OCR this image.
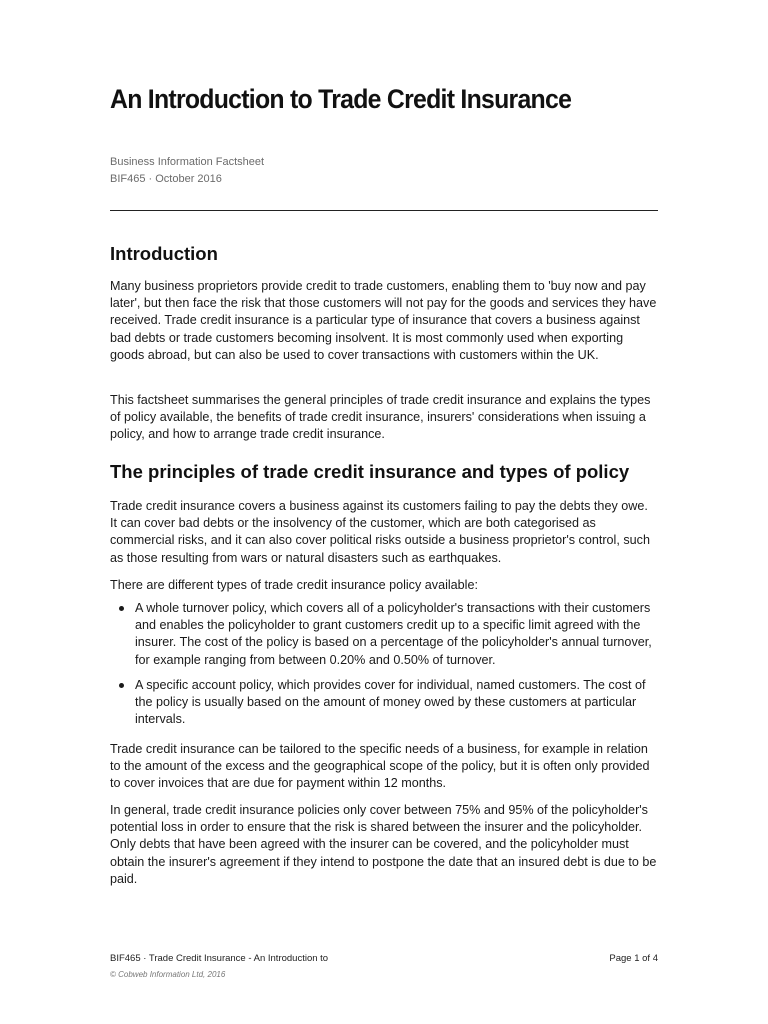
An Introduction to Trade Credit Insurance
Business Information Factsheet
BIF465 · October 2016
Introduction

Many business proprietors provide credit to trade customers, enabling them to 'buy now and pay later', but then face the risk that those customers will not pay for the goods and services they have received. Trade credit insurance is a particular type of insurance that covers a business against bad debts or trade customers becoming insolvent. It is most commonly used when exporting goods abroad, but can also be used to cover transactions with customers within the UK.

This factsheet summarises the general principles of trade credit insurance and explains the types of policy available, the benefits of trade credit insurance, insurers' considerations when issuing a policy, and how to arrange trade credit insurance.

The principles of trade credit insurance and types of policy

Trade credit insurance covers a business against its customers failing to pay the debts they owe. It can cover bad debts or the insolvency of the customer, which are both categorised as commercial risks, and it can also cover political risks outside a business proprietor's control, such as those resulting from wars or natural disasters such as earthquakes.

There are different types of trade credit insurance policy available:

A whole turnover policy, which covers all of a policyholder's transactions with their customers and enables the policyholder to grant customers credit up to a specific limit agreed with the insurer. The cost of the policy is based on a percentage of the policyholder's annual turnover, for example ranging from between 0.20% and 0.50% of turnover.
A specific account policy, which provides cover for individual, named customers. The cost of the policy is usually based on the amount of money owed by these customers at particular intervals.

Trade credit insurance can be tailored to the specific needs of a business, for example in relation to the amount of the excess and the geographical scope of the policy, but it is often only provided to cover invoices that are due for payment within 12 months.

In general, trade credit insurance policies only cover between 75% and 95% of the policyholder's potential loss in order to ensure that the risk is shared between the insurer and the policyholder. Only debts that have been agreed with the insurer can be covered, and the policyholder must obtain the insurer's agreement if they intend to postpone the date that an insured debt is due to be paid.

BIF465 · Trade Credit Insurance - An Introduction to	Page 1 of 4
© Cobweb Information Ltd, 2016
